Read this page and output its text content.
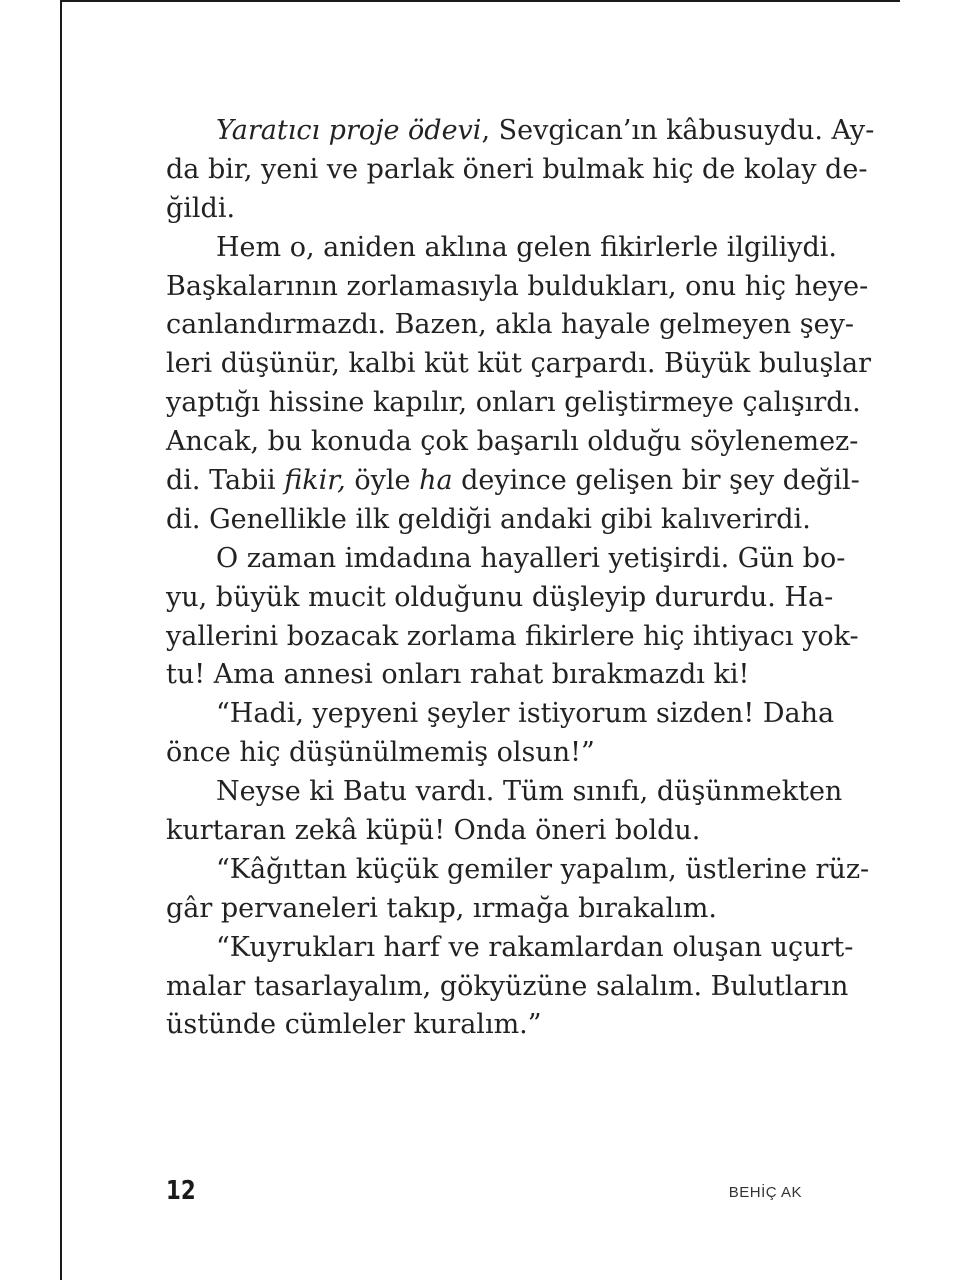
Yaratıcı proje ödevi, Sevgican’ın kâbusuydu. Ay-
da bir, yeni ve parlak öneri bulmak hiç de kolay de-
ğildi.
Hem o, aniden aklına gelen fikirlerle ilgiliydi.
Başkalarının zorlamasıyla buldukları, onu hiç heye-
canlandırmazdı. Bazen, akla hayale gelmeyen şey-
leri düşünür, kalbi küt küt çarpardı. Büyük buluşlar
yaptığı hissine kapılır, onları geliştirmeye çalışırdı.
Ancak, bu konuda çok başarılı olduğu söylenemez-
di. Tabii fikir, öyle ha deyince gelişen bir şey değil-
di. Genellikle ilk geldiği andaki gibi kalıverirdi.
O zaman imdadına hayalleri yetişirdi. Gün bo-
yu, büyük mucit olduğunu düşleyip dururdu. Ha-
yallerini bozacak zorlama fikirlere hiç ihtiyacı yok-
tu! Ama annesi onları rahat bırakmazdı ki!
“Hadi, yepyeni şeyler istiyorum sizden! Daha
önce hiç düşünülmemiş olsun!”
Neyse ki Batu vardı. Tüm sınıfı, düşünmekten
kurtaran zekâ küpü! Onda öneri boldu.
“Kâğıttan küçük gemiler yapalım, üstlerine rüz-
gâr pervaneleri takıp, ırmağa bırakalım.
“Kuyrukları harf ve rakamlardan oluşan uçurt-
malar tasarlayalım, gökyüzüne salalım. Bulutların
üstünde cümleler kuralım.”
12	BEHİÇ AK
